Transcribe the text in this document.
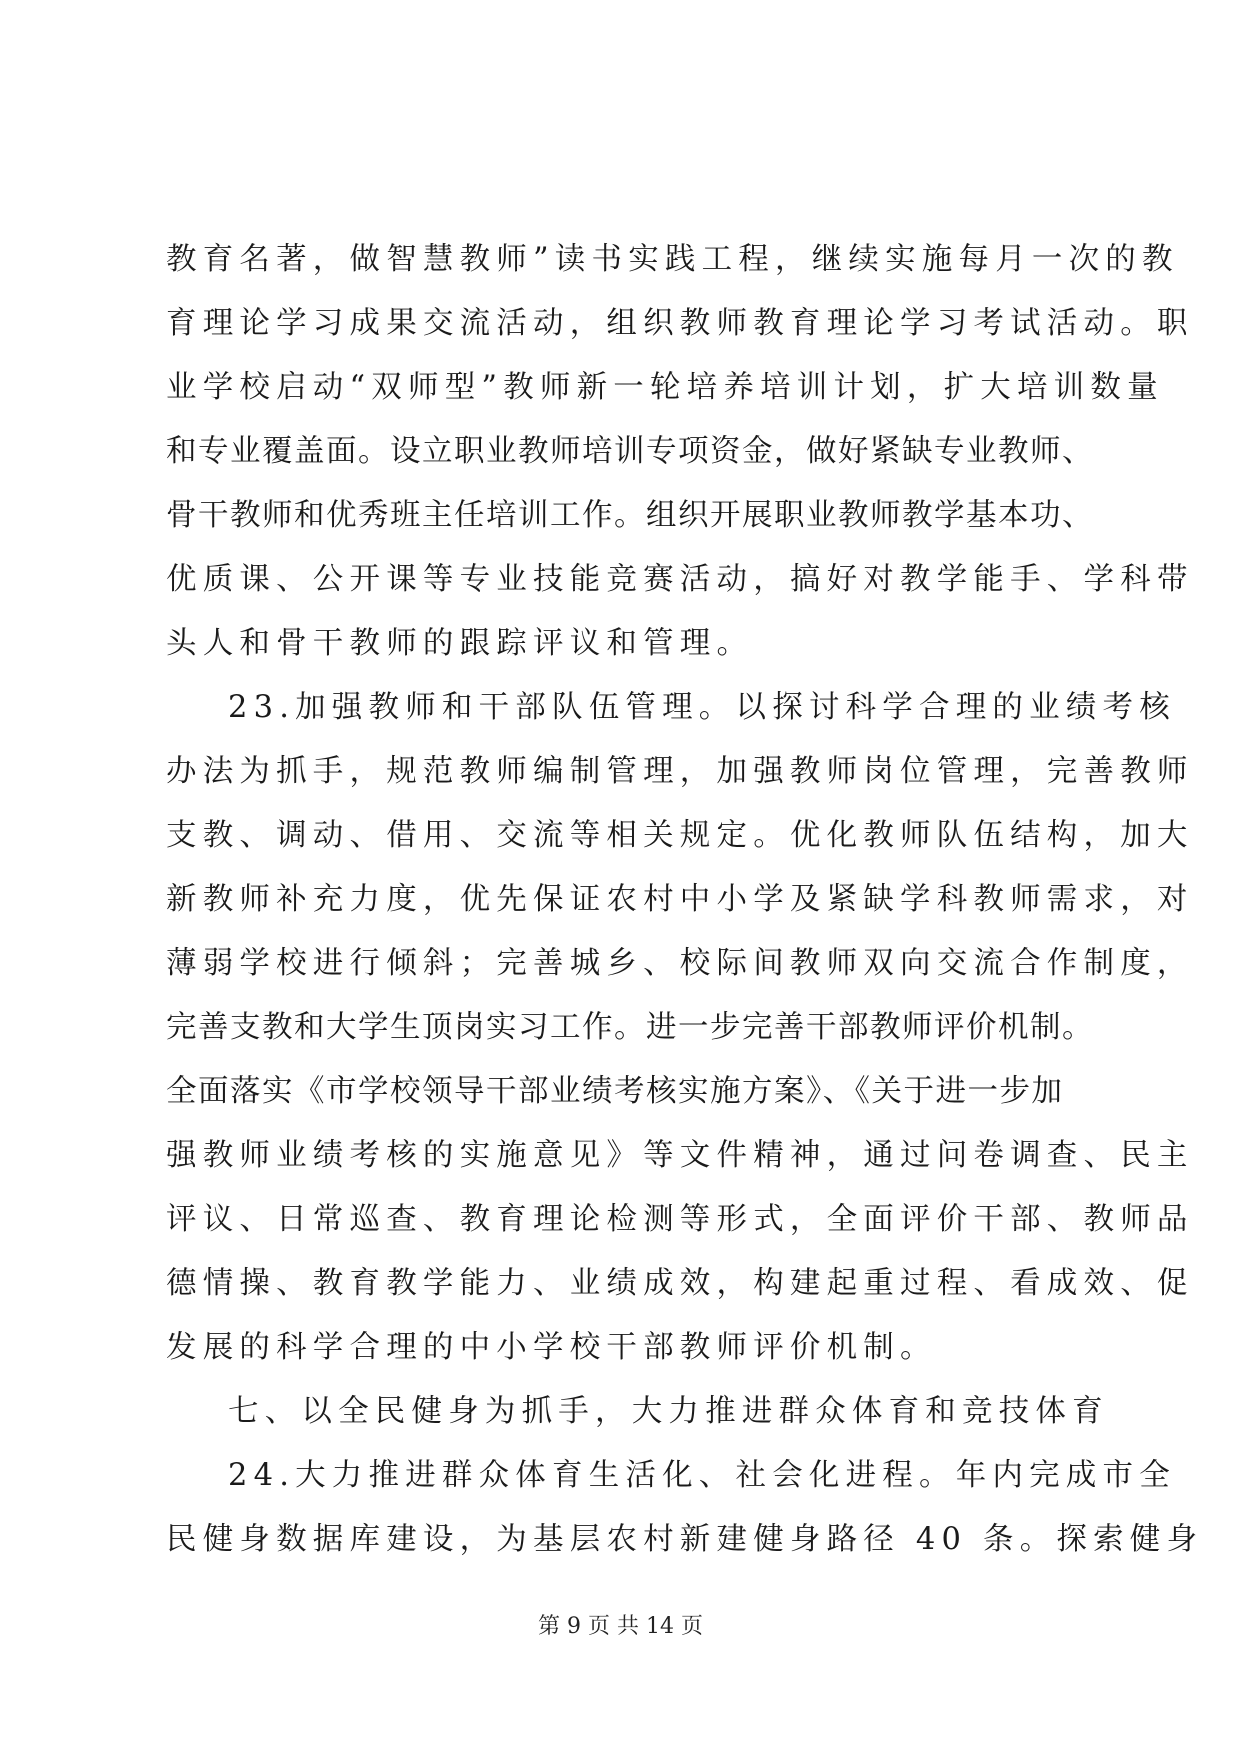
教育名著，做智慧教师”读书实践工程，继续实施每月一次的教
育理论学习成果交流活动，组织教师教育理论学习考试活动。职
业学校启动“双师型”教师新一轮培养培训计划，扩大培训数量
和专业覆盖面。设立职业教师培训专项资金，做好紧缺专业教师、
骨干教师和优秀班主任培训工作。组织开展职业教师教学基本功、
优质课、公开课等专业技能竞赛活动，搞好对教学能手、学科带
头人和骨干教师的跟踪评议和管理。
23.加强教师和干部队伍管理。以探讨科学合理的业绩考核
办法为抓手，规范教师编制管理，加强教师岗位管理，完善教师
支教、调动、借用、交流等相关规定。优化教师队伍结构，加大
新教师补充力度，优先保证农村中小学及紧缺学科教师需求，对
薄弱学校进行倾斜；完善城乡、校际间教师双向交流合作制度，
完善支教和大学生顶岗实习工作。进一步完善干部教师评价机制。
全面落实《市学校领导干部业绩考核实施方案》、《关于进一步加
强教师业绩考核的实施意见》等文件精神，通过问卷调查、民主
评议、日常巡查、教育理论检测等形式，全面评价干部、教师品
德情操、教育教学能力、业绩成效，构建起重过程、看成效、促
发展的科学合理的中小学校干部教师评价机制。
七、以全民健身为抓手，大力推进群众体育和竞技体育
24.大力推进群众体育生活化、社会化进程。年内完成市全
民健身数据库建设，为基层农村新建健身路径 40 条。探索健身
第 9 页 共 14 页
